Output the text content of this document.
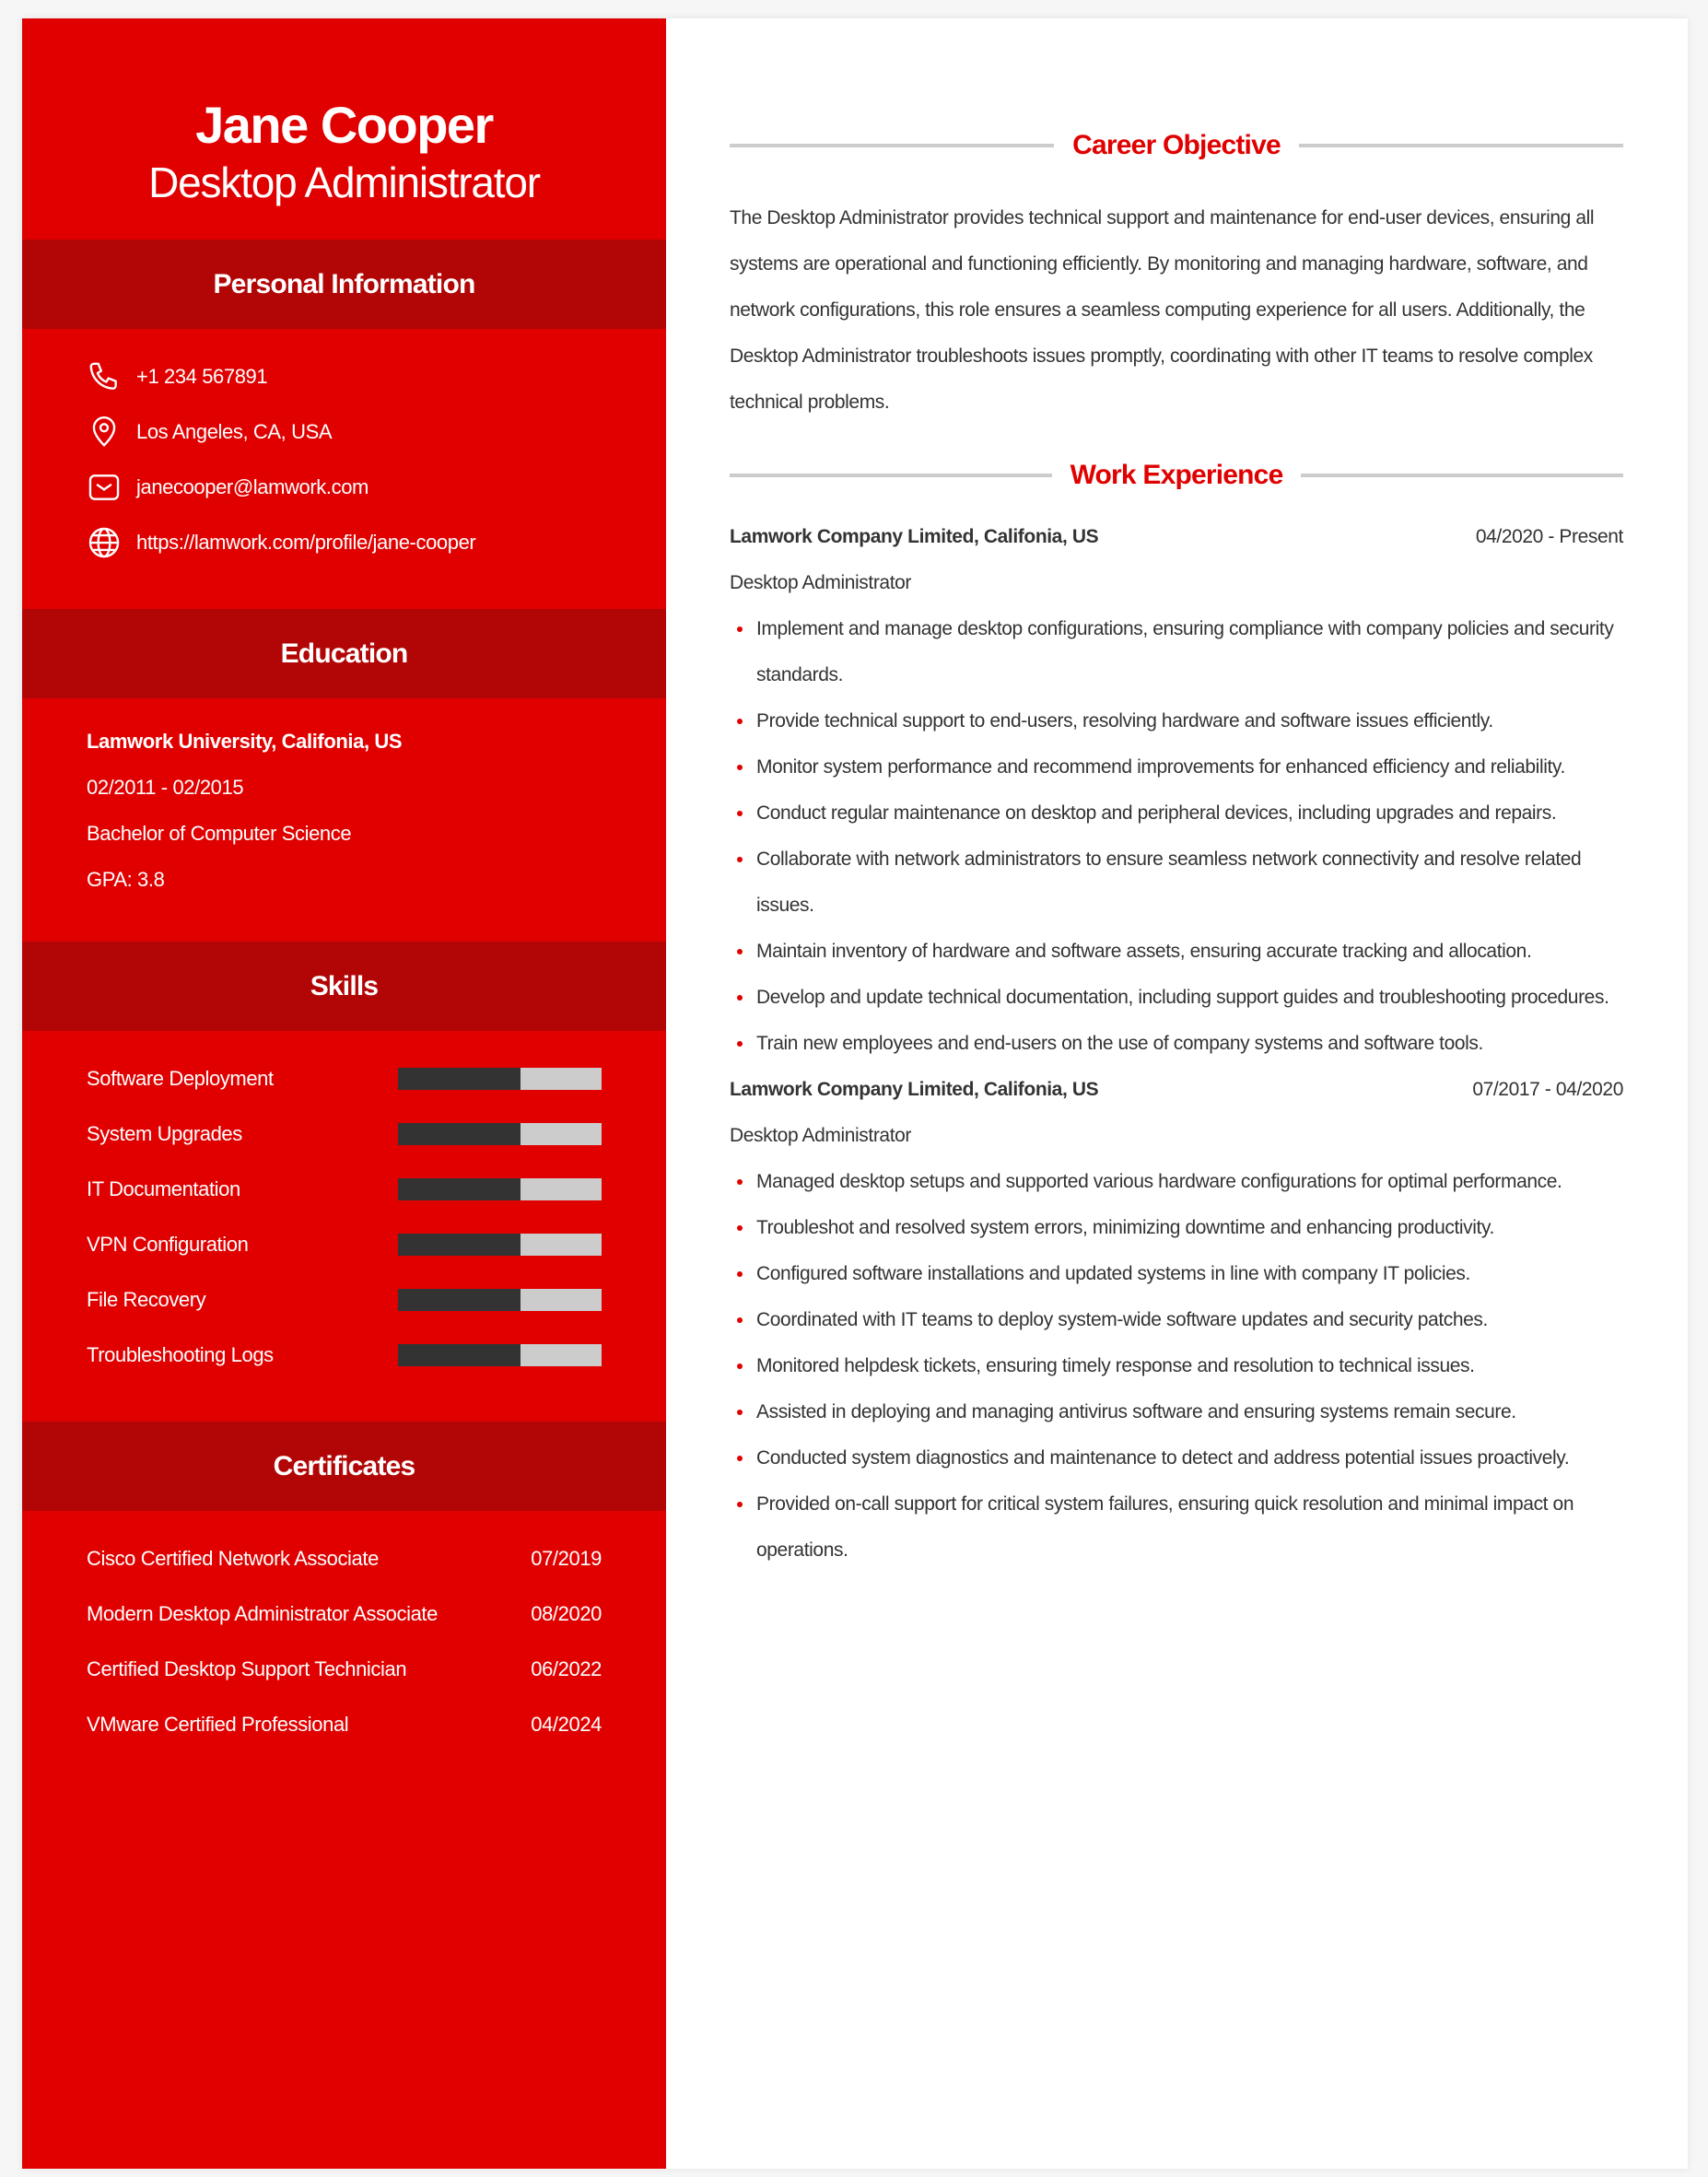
Jane Cooper
Desktop Administrator
Personal Information
+1 234 567891
Los Angeles, CA, USA
janecooper@lamwork.com
https://lamwork.com/profile/jane-cooper
Education
Lamwork University, Califonia, US
02/2011 - 02/2015
Bachelor of Computer Science
GPA: 3.8
Skills
Software Deployment
System Upgrades
IT Documentation
VPN Configuration
File Recovery
Troubleshooting Logs
Certificates
Cisco Certified Network Associate	07/2019
Modern Desktop Administrator Associate	08/2020
Certified Desktop Support Technician	06/2022
VMware Certified Professional	04/2024
Career Objective

The Desktop Administrator provides technical support and maintenance for end-user devices, ensuring all systems are operational and functioning efficiently. By monitoring and managing hardware, software, and network configurations, this role ensures a seamless computing experience for all users. Additionally, the Desktop Administrator troubleshoots issues promptly, coordinating with other IT teams to resolve complex technical problems.

Work Experience
Lamwork Company Limited, Califonia, US	04/2020 - Present
Desktop Administrator
Implement and manage desktop configurations, ensuring compliance with company policies and security standards.
Provide technical support to end-users, resolving hardware and software issues efficiently.
Monitor system performance and recommend improvements for enhanced efficiency and reliability.
Conduct regular maintenance on desktop and peripheral devices, including upgrades and repairs.
Collaborate with network administrators to ensure seamless network connectivity and resolve related issues.
Maintain inventory of hardware and software assets, ensuring accurate tracking and allocation.
Develop and update technical documentation, including support guides and troubleshooting procedures.
Train new employees and end-users on the use of company systems and software tools.
Lamwork Company Limited, Califonia, US	07/2017 - 04/2020
Desktop Administrator
Managed desktop setups and supported various hardware configurations for optimal performance.
Troubleshot and resolved system errors, minimizing downtime and enhancing productivity.
Configured software installations and updated systems in line with company IT policies.
Coordinated with IT teams to deploy system-wide software updates and security patches.
Monitored helpdesk tickets, ensuring timely response and resolution to technical issues.
Assisted in deploying and managing antivirus software and ensuring systems remain secure.
Conducted system diagnostics and maintenance to detect and address potential issues proactively.
Provided on-call support for critical system failures, ensuring quick resolution and minimal impact on operations.
